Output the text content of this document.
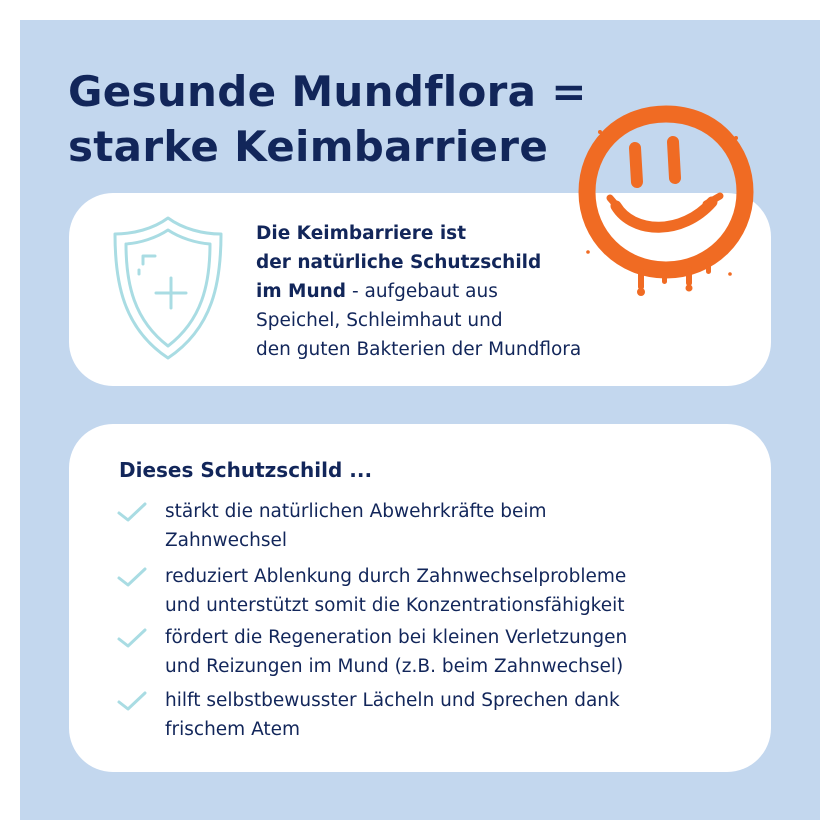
Gesunde Mundflora =
starke Keimbarriere
Die Keimbarriere ist
der natürliche Schutzschild
im Mund - aufgebaut aus
Speichel, Schleimhaut und
den guten Bakterien der Mundflora
Dieses Schutzschild ...
stärkt die natürlichen Abwehrkräfte beim
Zahnwechsel
reduziert Ablenkung durch Zahnwechselprobleme
und unterstützt somit die Konzentrationsfähigkeit
fördert die Regeneration bei kleinen Verletzungen
und Reizungen im Mund (z.B. beim Zahnwechsel)
hilft selbstbewusster Lächeln und Sprechen dank
frischem Atem
